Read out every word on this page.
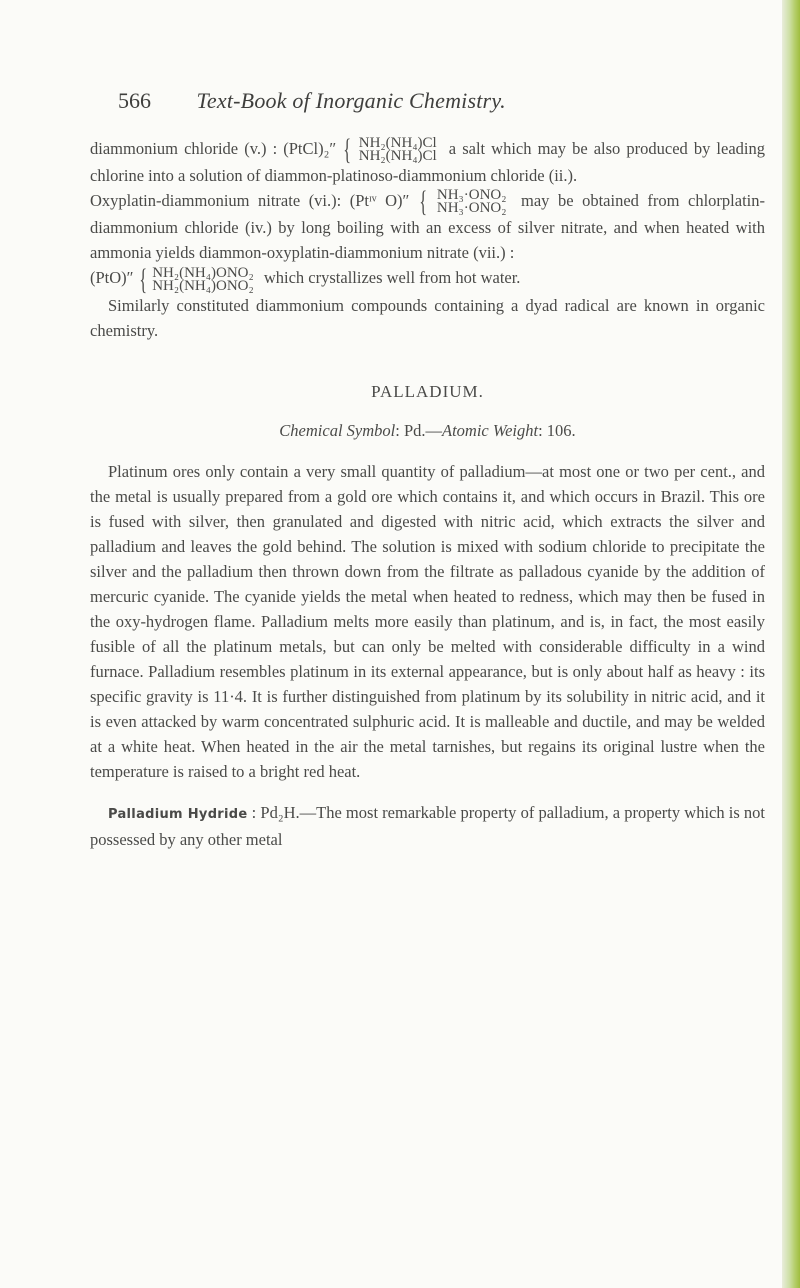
566 Text-Book of Inorganic Chemistry.

diammonium chloride (v.) : (PtCl)₂″ { NH₂(NH₄)Cl
NH₂(NH₄)Cl a salt which may be also produced by leading chlorine into a solution of diammon-platinoso-diammonium chloride (ii.).

Oxyplatin-diammonium nitrate (vi.): (Ptᶦᵛ O)″ { NH₃·ONO₂
NH₃·ONO₂ may be obtained from chlorplatin-diammonium chloride (iv.) by long boiling with an excess of silver nitrate, and when heated with ammonia yields diammon-oxyplatin-diammonium nitrate (vii.) :

(PtO)″ { NH₂(NH₄)ONO₂
NH₂(NH₄)ONO₂ which crystallizes well from hot water.

Similarly constituted diammonium compounds containing a dyad radical are known in organic chemistry.

PALLADIUM.

Chemical Symbol: Pd.—Atomic Weight: 106.

Platinum ores only contain a very small quantity of palladium—at most one or two per cent., and the metal is usually prepared from a gold ore which contains it, and which occurs in Brazil. This ore is fused with silver, then granulated and digested with nitric acid, which extracts the silver and palladium and leaves the gold behind. The solution is mixed with sodium chloride to precipitate the silver and the palladium then thrown down from the filtrate as palladous cyanide by the addition of mercuric cyanide. The cyanide yields the metal when heated to redness, which may then be fused in the oxy-hydrogen flame. Palladium melts more easily than platinum, and is, in fact, the most easily fusible of all the platinum metals, but can only be melted with considerable difficulty in a wind furnace. Palladium resembles platinum in its external appearance, but is only about half as heavy : its specific gravity is 11·4. It is further distinguished from platinum by its solubility in nitric acid, and it is even attacked by warm concentrated sulphuric acid. It is malleable and ductile, and may be welded at a white heat. When heated in the air the metal tarnishes, but regains its original lustre when the temperature is raised to a bright red heat.

Palladium Hydride : Pd₂H.—The most remarkable property of palladium, a property which is not possessed by any other metal
